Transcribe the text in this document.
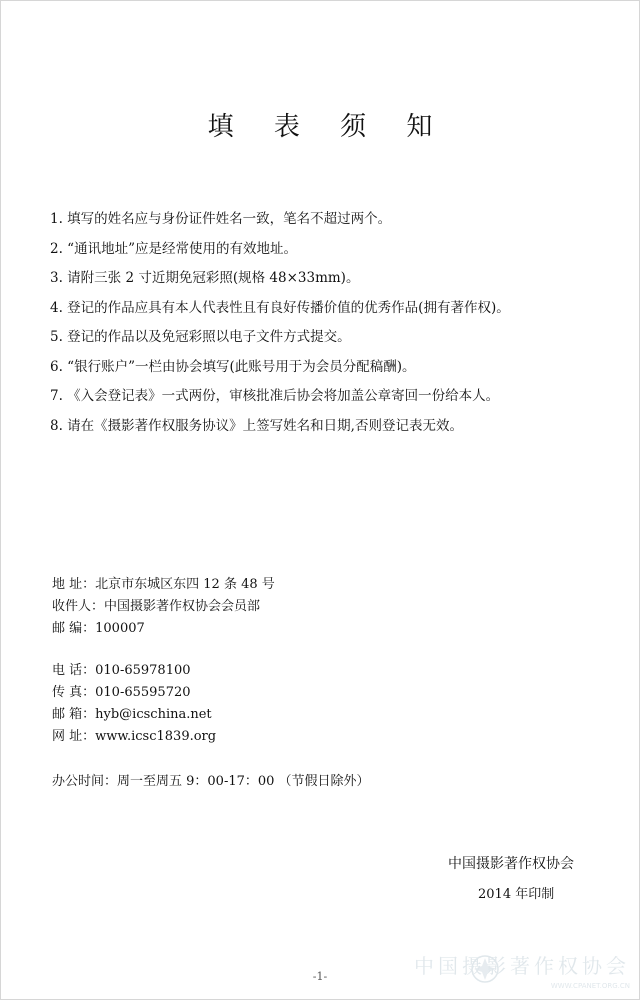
填 表 须 知
1. 填写的姓名应与身份证件姓名一致，笔名不超过两个。
2. “通讯地址”应是经常使用的有效地址。
3. 请附三张 2 寸近期免冠彩照(规格 48×33mm)。
4. 登记的作品应具有本人代表性且有良好传播价值的优秀作品(拥有著作权)。
5. 登记的作品以及免冠彩照以电子文件方式提交。
6. “银行账户”一栏由协会填写(此账号用于为会员分配稿酬)。
7. 《入会登记表》一式两份，审核批准后协会将加盖公章寄回一份给本人。
8. 请在《摄影著作权服务协议》上签写姓名和日期,否则登记表无效。
地 址：北京市东城区东四 12 条 48 号
收件人：中国摄影著作权协会会员部
邮 编：100007
电 话：010-65978100
传 真：010-65595720
邮 箱：hyb@icschina.net
网 址：www.icsc1839.org
办公时间：周一至周五 9：00-17：00 （节假日除外）
中国摄影著作权协会
2014 年印制
-1-	中国摄影著作权协会
WWW.CPANET.ORG.CN
